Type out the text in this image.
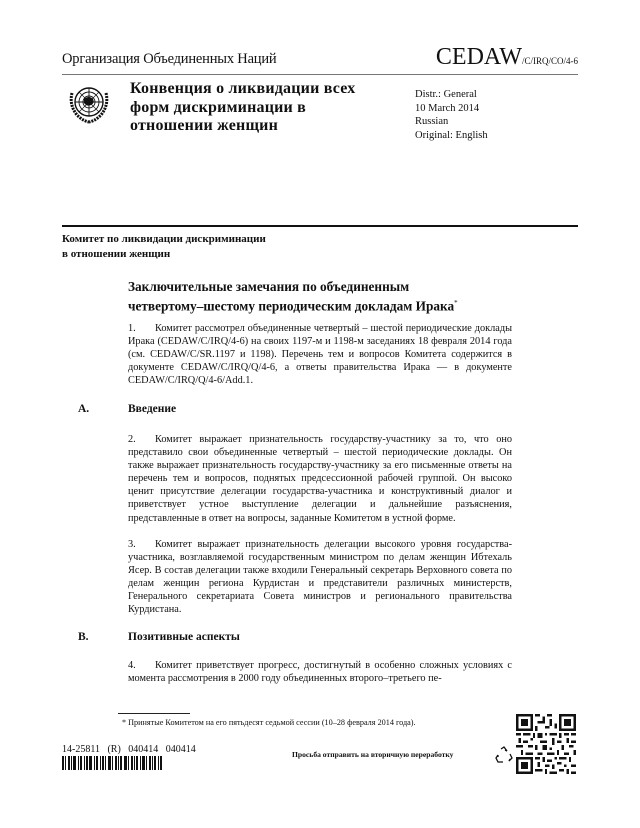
Организация Объединенных Наций	CEDAW/C/IRQ/CO/4-6
Конвенция о ликвидации всех
форм дискриминации в
отношении женщин
Distr.: General
10 March 2014
Russian
Original: English
Комитет по ликвидации дискриминации
в отношении женщин
Заключительные замечания по объединенным
четвертому–шестому периодическим докладам Ирака*
1. Комитет рассмотрел объединенные четвертый – шестой периодические доклады Ирака (CEDAW/C/IRQ/4-6) на своих 1197-м и 1198-м заседаниях 18 февраля 2014 года (см. CEDAW/C/SR.1197 и 1198). Перечень тем и вопросов Комитета содержится в документе CEDAW/C/IRQ/Q/4-6, а ответы правительства Ирака — в документе CEDAW/C/IRQ/Q/4-6/Add.1.
A.	Введение
2. Комитет выражает признательность государству-участнику за то, что оно представило свои объединенные четвертый – шестой периодические доклады. Он также выражает признательность государству-участнику за его письменные ответы на перечень тем и вопросов, поднятых предсессионной рабочей группой. Он высоко ценит присутствие делегации государства-участника и конструктивный диалог и приветствует устное выступление делегации и дальнейшие разъяснения, представленные в ответ на вопросы, заданные Комитетом в устной форме.
3. Комитет выражает признательность делегации высокого уровня государства-участника, возглавляемой государственным министром по делам женщин Ибтехаль Ясер. В состав делегации также входили Генеральный секретарь Верховного совета по делам женщин региона Курдистан и представители различных министерств, Генерального секретариата Совета министров и регионального правительства Курдистана.
B.	Позитивные аспекты
4. Комитет приветствует прогресс, достигнутый в особенно сложных условиях с момента рассмотрения в 2000 году объединенных второго–третьего пе-
* Принятые Комитетом на его пятьдесят седьмой сессии (10–28 февраля 2014 года).
14-25811 (R) 040414 040414	Просьба отправить на вторичную переработку
